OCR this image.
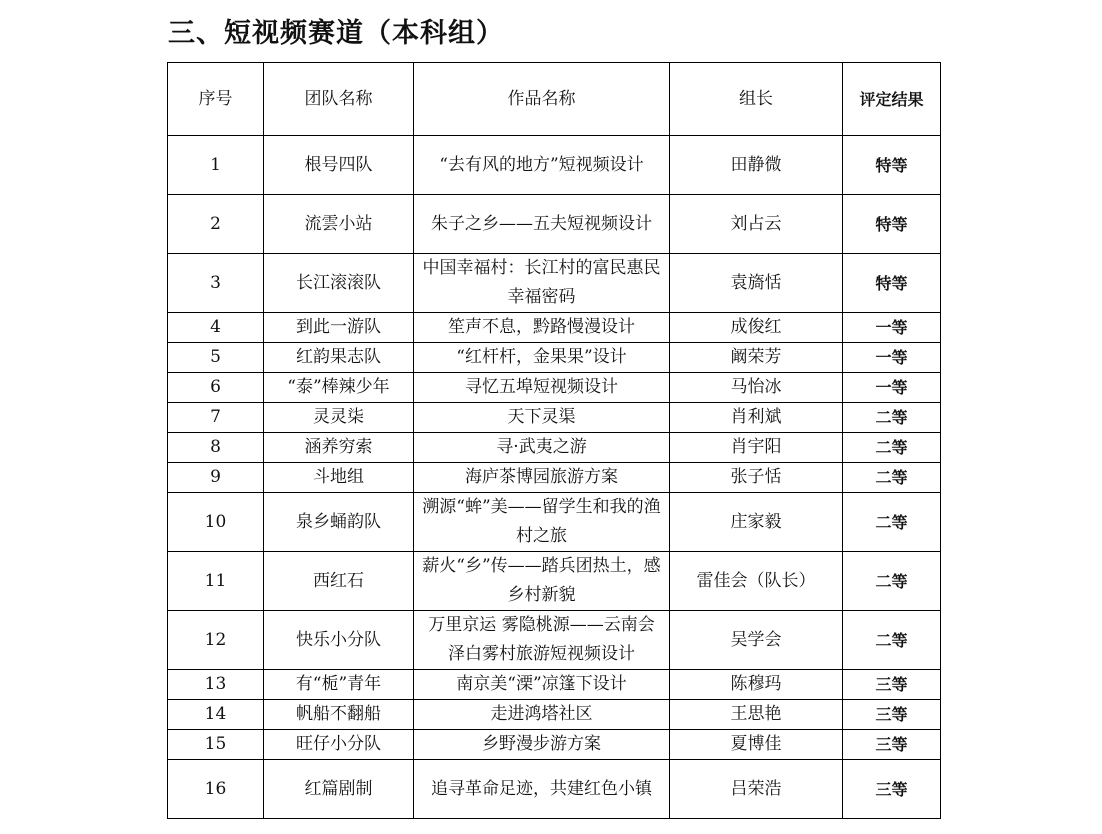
三、短视频赛道（本科组）
序号	团队名称	作品名称	组长	评定结果
1	根号四队	“去有风的地方”短视频设计	田静微	特等
2	流雲小站	朱子之乡——五夫短视频设计	刘占云	特等
3	长江滚滚队	中国幸福村：长江村的富民惠民幸福密码	袁旖恬	特等
4	到此一游队	笙声不息，黔路慢漫设计	成俊红	一等
5	红韵果志队	“红杆杆，金果果”设计	阚荣芳	一等
6	“泰”棒辣少年	寻忆五埠短视频设计	马怡冰	一等
7	灵灵柒	天下灵渠	肖利斌	二等
8	涵养穷索	寻·武夷之游	肖宇阳	二等
9	斗地组	海庐茶博园旅游方案	张子恬	二等
10	泉乡蛹韵队	溯源“蛑”美——留学生和我的渔村之旅	庄家毅	二等
11	西红石	薪火“乡”传——踏兵团热土，感乡村新貌	雷佳会（队长）	二等
12	快乐小分队	万里京运 雾隐桃源——云南会泽白雾村旅游短视频设计	吴学会	二等
13	有“栀”青年	南京美“溧”凉篷下设计	陈穆玛	三等
14	帆船不翻船	走进鸿塔社区	王思艳	三等
15	旺仔小分队	乡野漫步游方案	夏博佳	三等
16	红篇剧制	追寻革命足迹，共建红色小镇	吕荣浩	三等
